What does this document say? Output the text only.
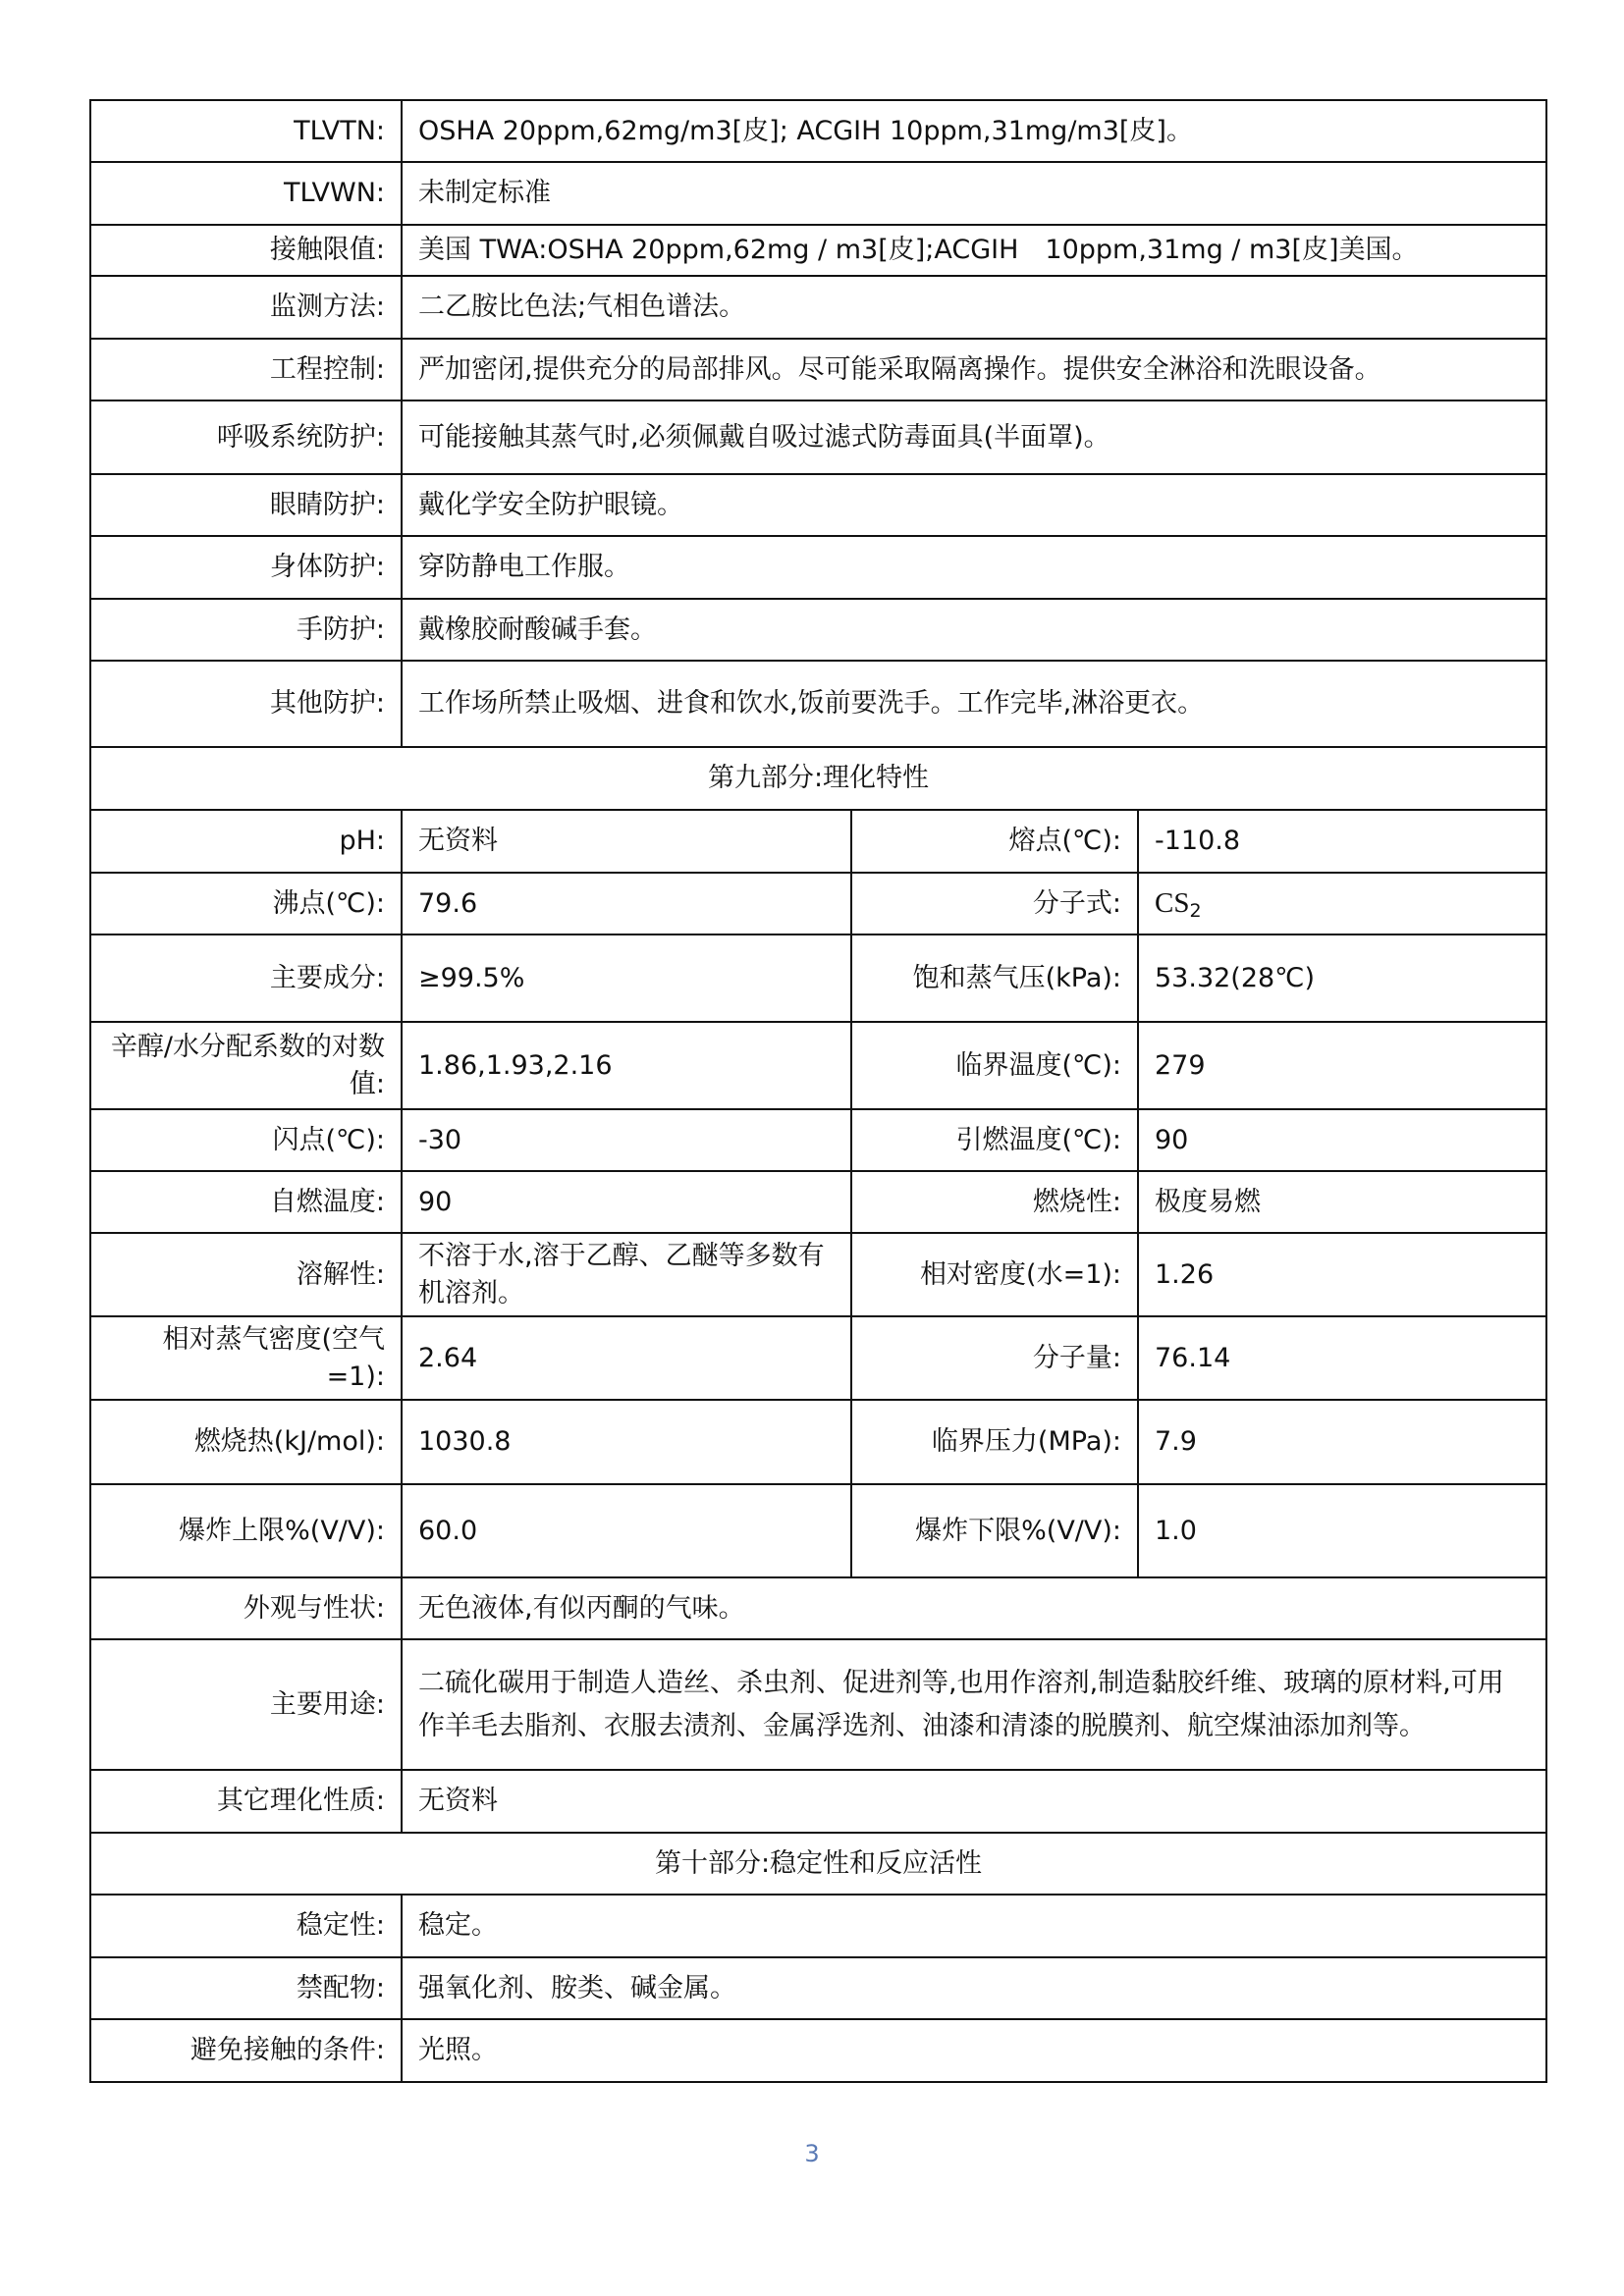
TLVTN:	OSHA 20ppm,62mg/m3[皮]; ACGIH 10ppm,31mg/m3[皮]。		
TLVWN:	未制定标准		
接触限值:	美国 TWA:OSHA 20ppm,62mg / m3[皮];ACGIH　10ppm,31mg / m3[皮]美国。		

监测方法:	二乙胺比色法;气相色谱法。		
工程控制:	严加密闭,提供充分的局部排风。尽可能采取隔离操作。提供安全淋浴和洗眼设备。		
呼吸系统防护:	可能接触其蒸气时,必须佩戴自吸过滤式防毒面具(半面罩)。		
眼睛防护:	戴化学安全防护眼镜。		
身体防护:	穿防静电工作服。		
手防护:	戴橡胶耐酸碱手套。		
其他防护:	工作场所禁止吸烟、进食和饮水,饭前要洗手。工作完毕,淋浴更衣。		
第九部分:理化特性			
pH:	无资料	熔点(℃):	-110.8
沸点(℃):	79.6	分子式:	$CS_2$
主要成分:	≥99.5%	饱和蒸气压(kPa):	53.32(28℃)
辛醇/水分配系数的对数值:	1.86,1.93,2.16	临界温度(℃):	279
闪点(℃):	-30	引燃温度(℃):	90
自燃温度:	90	燃烧性:	极度易燃
溶解性:	不溶于水,溶于乙醇、乙醚等多数有机溶剂。	相对密度(水=1):	1.26
相对蒸气密度(空气=1):	2.64	分子量:	76.14
燃烧热(kJ/mol):	1030.8	临界压力(MPa):	7.9
爆炸上限%(V/V):	60.0	爆炸下限%(V/V):	1.0
外观与性状:	无色液体,有似丙酮的气味。		
主要用途:	二硫化碳用于制造人造丝、杀虫剂、促进剂等,也用作溶剂,制造黏胶纤维、玻璃的原材料,可用作羊毛去脂剂、衣服去渍剂、金属浮选剂、油漆和清漆的脱膜剂、航空煤油添加剂等。		
其它理化性质:	无资料		
第十部分:稳定性和反应活性			
稳定性:	稳定。		
禁配物:	强氧化剂、胺类、碱金属。		
避免接触的条件:	光照。		
3
